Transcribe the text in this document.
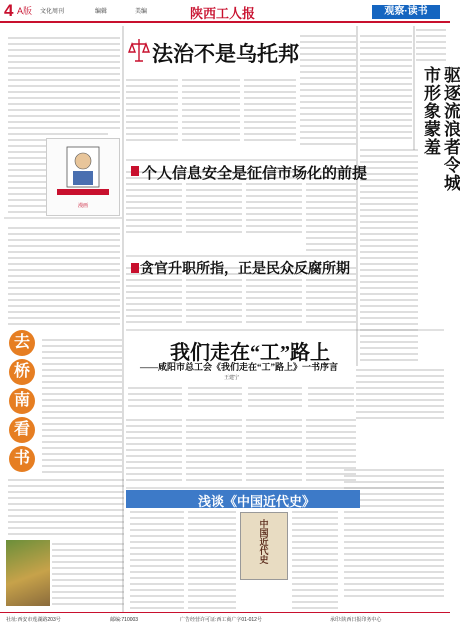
4 A版 文化周刊	编辑	美编	陕西工人报	观察·读书
法治不是乌托邦
个人信息安全是征信市场化的前提
贪官升职所指，正是民众反腐所期
漫画
去
桥
南
看
书
我们走在“工”路上
——咸阳市总工会《我们走在“工”路上》一书序言
王建宁
浅谈《中国近代史》
中国近代史
驱逐流浪者令城市形象蒙羞
社址:西安市莲湖路203号	邮编:710003	广告经营许可证:西工商广字01-012号	承印:陕西日报印务中心
